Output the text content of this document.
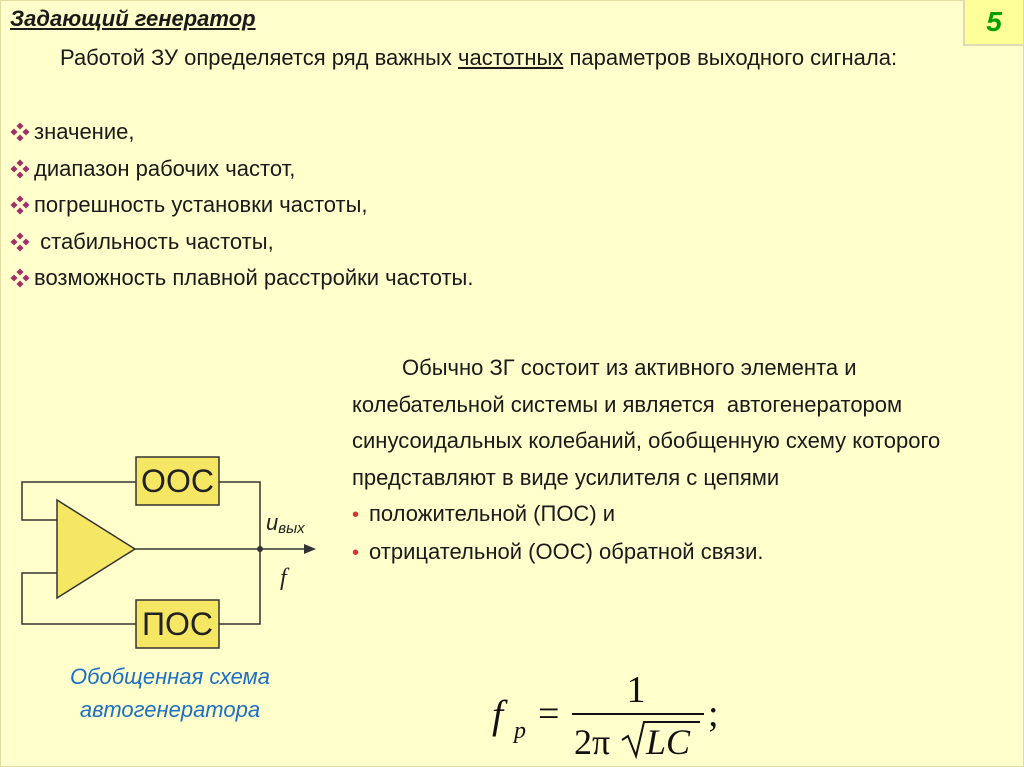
5
Задающий генератор

Работой ЗУ определяется ряд важных частотных параметров выходного сигнала:

значение,
диапазон рабочих частот,
погрешность установки частоты,
стабильность частоты,
возможность плавной расстройки частоты.

Обычно ЗГ состоит из активного элемента и колебательной системы и является  автогенератором синусоидальных колебаний, обобщенную схему которого представляют в виде усилителя с цепями

• положительной (ПОС) и
• отрицательной (ООС) обратной связи.
ООС
ПОС
uвых
f
Обобщенная схема
автогенератора	f p =
1
2π LC
;
